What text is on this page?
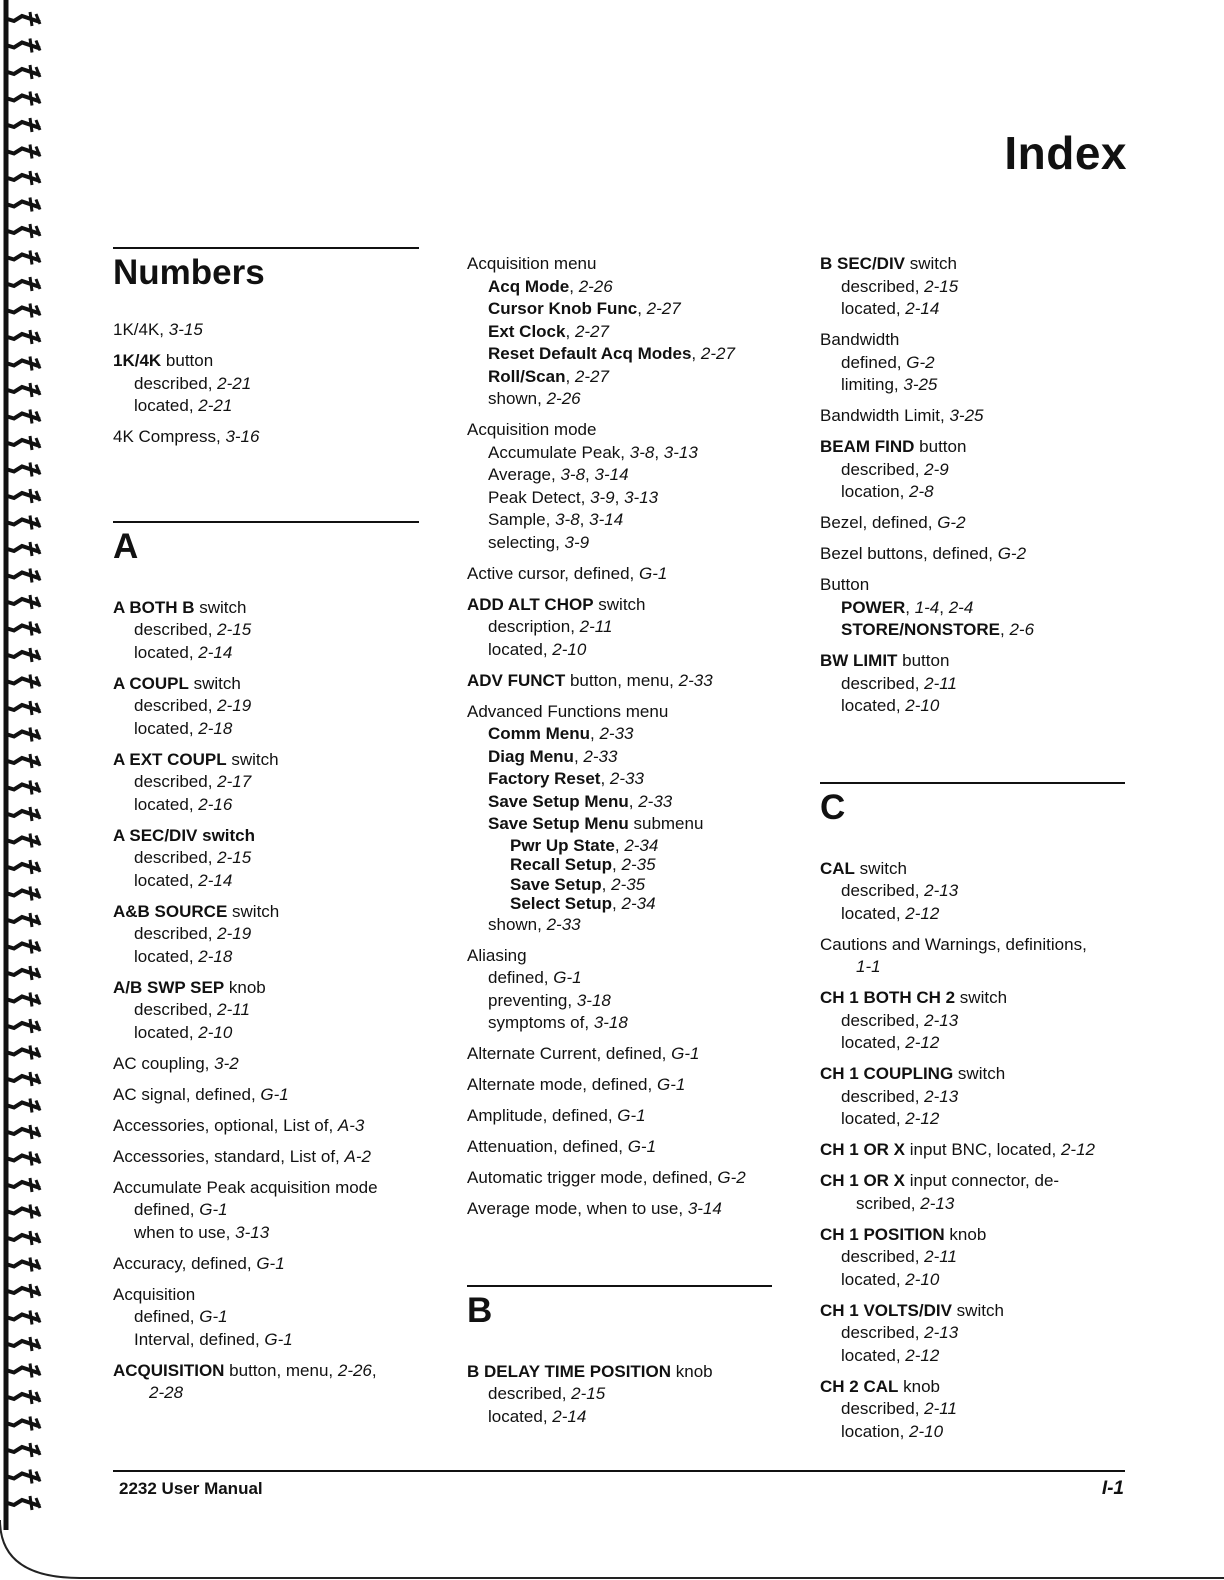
Index
Numbers
1K/4K, 3-15
1K/4K button
described, 2-21
located, 2-21
4K Compress, 3-16
A
A BOTH B switch
described, 2-15
located, 2-14
A COUPL switch
described, 2-19
located, 2-18
A EXT COUPL switch
described, 2-17
located, 2-16
A SEC/DIV switch
described, 2-15
located, 2-14
A&B SOURCE switch
described, 2-19
located, 2-18
A/B SWP SEP knob
described, 2-11
located, 2-10
AC coupling, 3-2
AC signal, defined, G-1
Accessories, optional, List of, A-3
Accessories, standard, List of, A-2
Accumulate Peak acquisition mode
defined, G-1
when to use, 3-13
Accuracy, defined, G-1
Acquisition
defined, G-1
Interval, defined, G-1
ACQUISITION button, menu, 2-26,
2-28
Acquisition menu
Acq Mode, 2-26
Cursor Knob Func, 2-27
Ext Clock, 2-27
Reset Default Acq Modes, 2-27
Roll/Scan, 2-27
shown, 2-26
Acquisition mode
Accumulate Peak, 3-8, 3-13
Average, 3-8, 3-14
Peak Detect, 3-9, 3-13
Sample, 3-8, 3-14
selecting, 3-9
Active cursor, defined, G-1
ADD ALT CHOP switch
description, 2-11
located, 2-10
ADV FUNCT button, menu, 2-33
Advanced Functions menu
Comm Menu, 2-33
Diag Menu, 2-33
Factory Reset, 2-33
Save Setup Menu, 2-33
Save Setup Menu submenu
Pwr Up State, 2-34
Recall Setup, 2-35
Save Setup, 2-35
Select Setup, 2-34
shown, 2-33
Aliasing
defined, G-1
preventing, 3-18
symptoms of, 3-18
Alternate Current, defined, G-1
Alternate mode, defined, G-1
Amplitude, defined, G-1
Attenuation, defined, G-1
Automatic trigger mode, defined, G-2
Average mode, when to use, 3-14
B
B DELAY TIME POSITION knob
described, 2-15
located, 2-14
B SEC/DIV switch
described, 2-15
located, 2-14
Bandwidth
defined, G-2
limiting, 3-25
Bandwidth Limit, 3-25
BEAM FIND button
described, 2-9
location, 2-8
Bezel, defined, G-2
Bezel buttons, defined, G-2
Button
POWER, 1-4, 2-4
STORE/NONSTORE, 2-6
BW LIMIT button
described, 2-11
located, 2-10
C
CAL switch
described, 2-13
located, 2-12
Cautions and Warnings, definitions,
1-1
CH 1 BOTH CH 2 switch
described, 2-13
located, 2-12
CH 1 COUPLING switch
described, 2-13
located, 2-12
CH 1 OR X input BNC, located, 2-12
CH 1 OR X input connector, de-
scribed, 2-13
CH 1 POSITION knob
described, 2-11
located, 2-10
CH 1 VOLTS/DIV switch
described, 2-13
located, 2-12
CH 2 CAL knob
described, 2-11
location, 2-10
2232 User Manual	I-1
